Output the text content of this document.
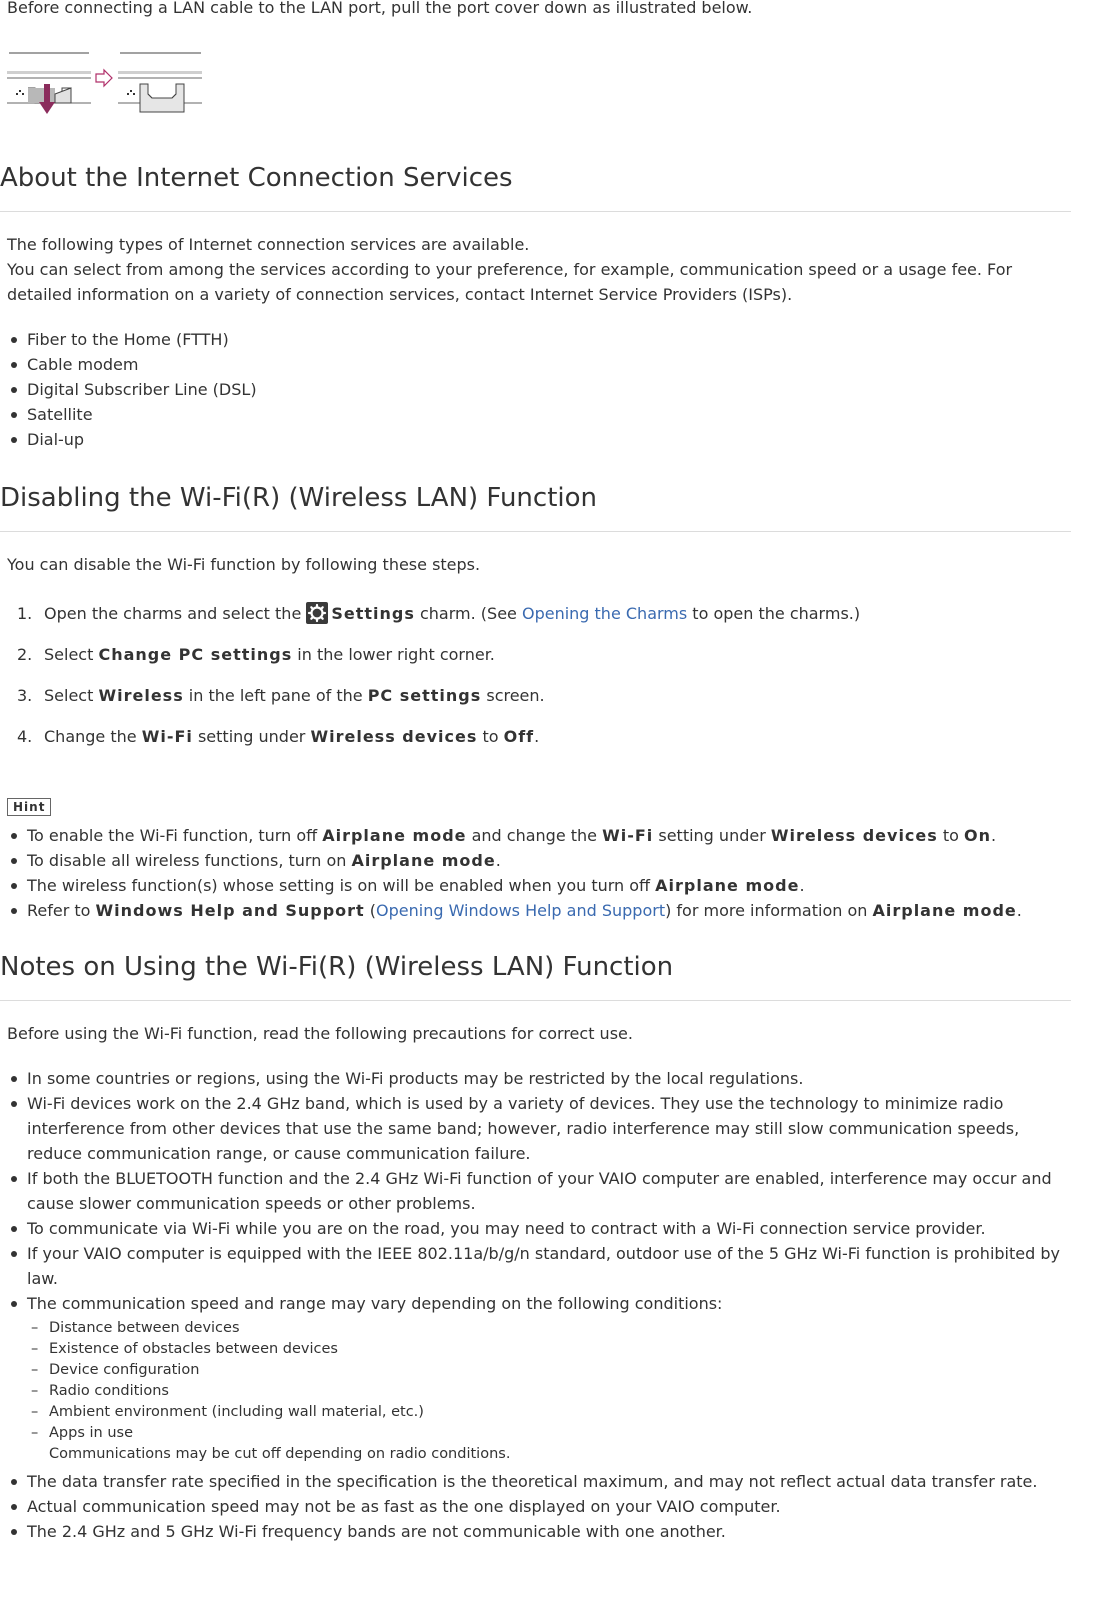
Before connecting a LAN cable to the LAN port, pull the port cover down as illustrated below.

About the Internet Connection Services

The following types of Internet connection services are available.

You can select from among the services according to your preference, for example, communication speed or a usage fee. For detailed information on a variety of connection services, contact Internet Service Providers (ISPs).

Fiber to the Home (FTTH)
Cable modem
Digital Subscriber Line (DSL)
Satellite
Dial-up
Disabling the Wi-Fi(R) (Wireless LAN) Function

You can disable the Wi-Fi function by following these steps.

1. Open the charms and select the Settings charm. (See Opening the Charms to open the charms.)
2. Select Change PC settings in the lower right corner.
3. Select Wireless in the left pane of the PC settings screen.
4. Change the Wi-Fi setting under Wireless devices to Off.
Hint
To enable the Wi-Fi function, turn off Airplane mode and change the Wi-Fi setting under Wireless devices to On.
To disable all wireless functions, turn on Airplane mode.
The wireless function(s) whose setting is on will be enabled when you turn off Airplane mode.
Refer to Windows Help and Support (Opening Windows Help and Support) for more information on Airplane mode.
Notes on Using the Wi-Fi(R) (Wireless LAN) Function

Before using the Wi-Fi function, read the following precautions for correct use.

In some countries or regions, using the Wi-Fi products may be restricted by the local regulations.
Wi-Fi devices work on the 2.4 GHz band, which is used by a variety of devices. They use the technology to minimize radio interference from other devices that use the same band; however, radio interference may still slow communication speeds, reduce communication range, or cause communication failure.
If both the BLUETOOTH function and the 2.4 GHz Wi-Fi function of your VAIO computer are enabled, interference may occur and cause slower communication speeds or other problems.
To communicate via Wi-Fi while you are on the road, you may need to contract with a Wi-Fi connection service provider.
If your VAIO computer is equipped with the IEEE 802.11a/b/g/n standard, outdoor use of the 5 GHz Wi-Fi function is prohibited by law.
The communication speed and range may vary depending on the following conditions:
– Distance between devices
– Existence of obstacles between devices
– Device configuration
– Radio conditions
– Ambient environment (including wall material, etc.)
– Apps in use
Communications may be cut off depending on radio conditions.
The data transfer rate specified in the specification is the theoretical maximum, and may not reflect actual data transfer rate.
Actual communication speed may not be as fast as the one displayed on your VAIO computer.
The 2.4 GHz and 5 GHz Wi-Fi frequency bands are not communicable with one another.
